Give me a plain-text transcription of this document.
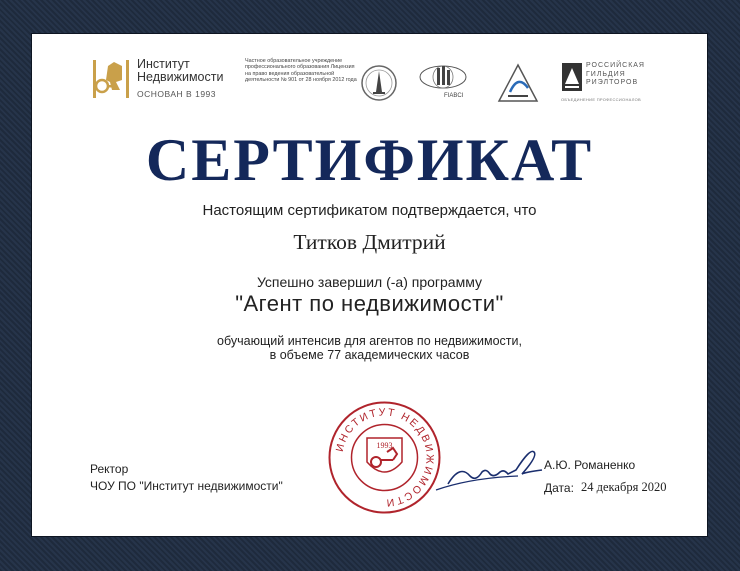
Институт
Недвижимости
ОСНОВАН В 1993
Частное образовательное учреждение профессионального образования Лицензия на право ведения образовательной деятельности № 901 от 28 ноября 2012 года
FIABCI
РОССИЙСКАЯ
ГИЛЬДИЯ
РИЭЛТОРОВ
ОБЪЕДИНЕНИЕ ПРОФЕССИОНАЛОВ
СЕРТИФИКАТ
Настоящим сертификатом подтверждается, что
Титков Дмитрий
Успешно завершил (-а) программу
"Агент по недвижимости"
обучающий интенсив для агентов по недвижимости,
в объеме 77 академических часов
ИНСТИТУТ НЕДВИЖИМОСТИ
1993
Ректор
ЧОУ ПО "Институт недвижимости"
А.Ю. Романенко
Дата: 24 декабря 2020
